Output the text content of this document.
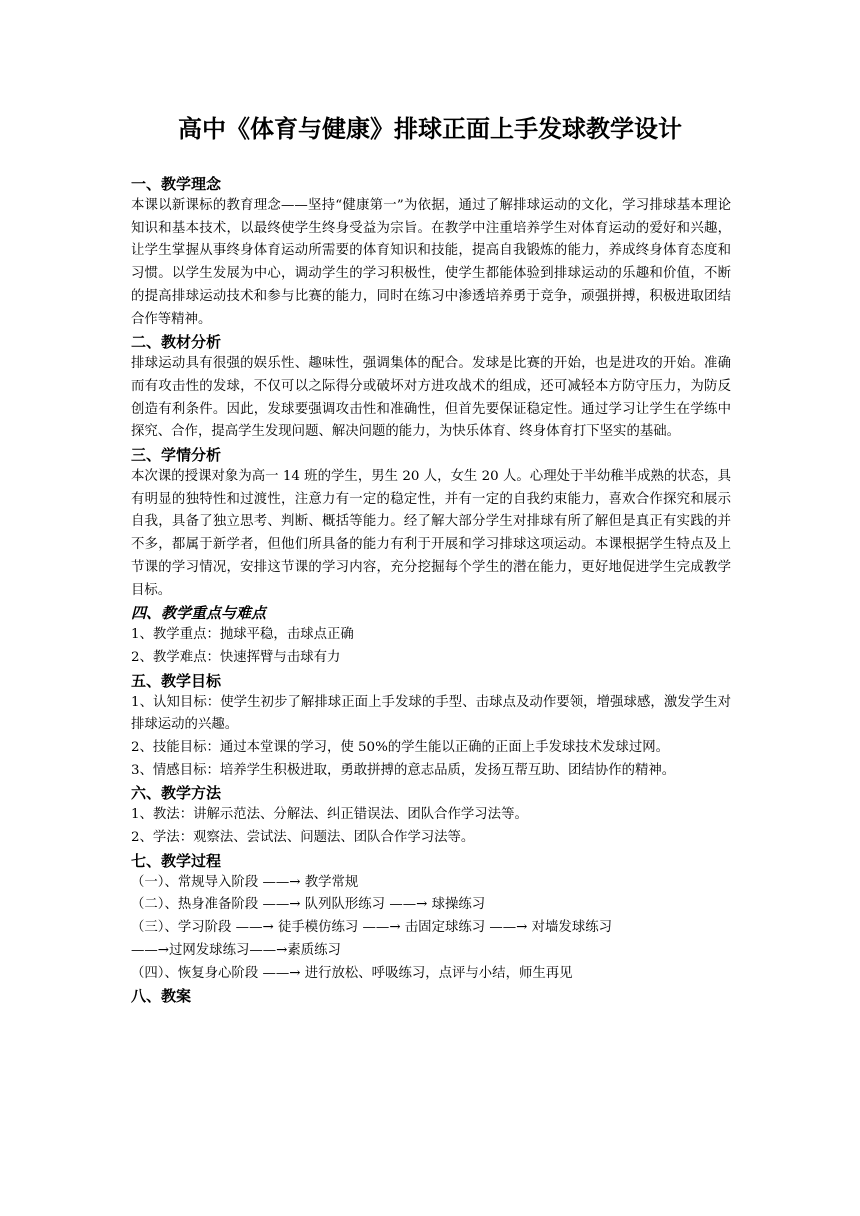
高中《体育与健康》排球正面上手发球教学设计
一、教学理念
本课以新课标的教育理念——坚持“健康第一”为依据，通过了解排球运动的文化，学习排球基本理论知识和基本技术，以最终使学生终身受益为宗旨。在教学中注重培养学生对体育运动的爱好和兴趣，让学生掌握从事终身体育运动所需要的体育知识和技能，提高自我锻炼的能力，养成终身体育态度和习惯。以学生发展为中心，调动学生的学习积极性，使学生都能体验到排球运动的乐趣和价值，不断的提高排球运动技术和参与比赛的能力，同时在练习中渗透培养勇于竞争，顽强拼搏，积极进取团结合作等精神。
二、教材分析
排球运动具有很强的娱乐性、趣味性，强调集体的配合。发球是比赛的开始，也是进攻的开始。准确而有攻击性的发球，不仅可以之际得分或破坏对方进攻战术的组成，还可减轻本方防守压力，为防反创造有利条件。因此，发球要强调攻击性和准确性，但首先要保证稳定性。通过学习让学生在学练中探究、合作，提高学生发现问题、解决问题的能力，为快乐体育、终身体育打下坚实的基础。
三、学情分析
本次课的授课对象为高一 14 班的学生，男生 20 人，女生 20 人。心理处于半幼稚半成熟的状态，具有明显的独特性和过渡性，注意力有一定的稳定性，并有一定的自我约束能力，喜欢合作探究和展示自我，具备了独立思考、判断、概括等能力。经了解大部分学生对排球有所了解但是真正有实践的并不多，都属于新学者，但他们所具备的能力有利于开展和学习排球这项运动。本课根据学生特点及上节课的学习情况，安排这节课的学习内容，充分挖掘每个学生的潜在能力，更好地促进学生完成教学目标。
四、教学重点与难点
1、教学重点：抛球平稳，击球点正确
2、教学难点：快速挥臂与击球有力
五、教学目标
1、认知目标：使学生初步了解排球正面上手发球的手型、击球点及动作要领，增强球感，激发学生对排球运动的兴趣。
2、技能目标：通过本堂课的学习，使 50%的学生能以正确的正面上手发球技术发球过网。
3、情感目标：培养学生积极进取，勇敢拼搏的意志品质，发扬互帮互助、团结协作的精神。
六、教学方法
1、教法：讲解示范法、分解法、纠正错误法、团队合作学习法等。
2、学法：观察法、尝试法、问题法、团队合作学习法等。
七、教学过程
（一）、常规导入阶段 ——→ 教学常规
（二）、热身准备阶段 ——→ 队列队形练习 ——→ 球操练习
（三）、学习阶段 ——→ 徒手模仿练习 ——→ 击固定球练习 ——→ 对墙发球练习
——→过网发球练习——→素质练习
（四）、恢复身心阶段 ——→ 进行放松、呼吸练习，点评与小结，师生再见
八、教案
